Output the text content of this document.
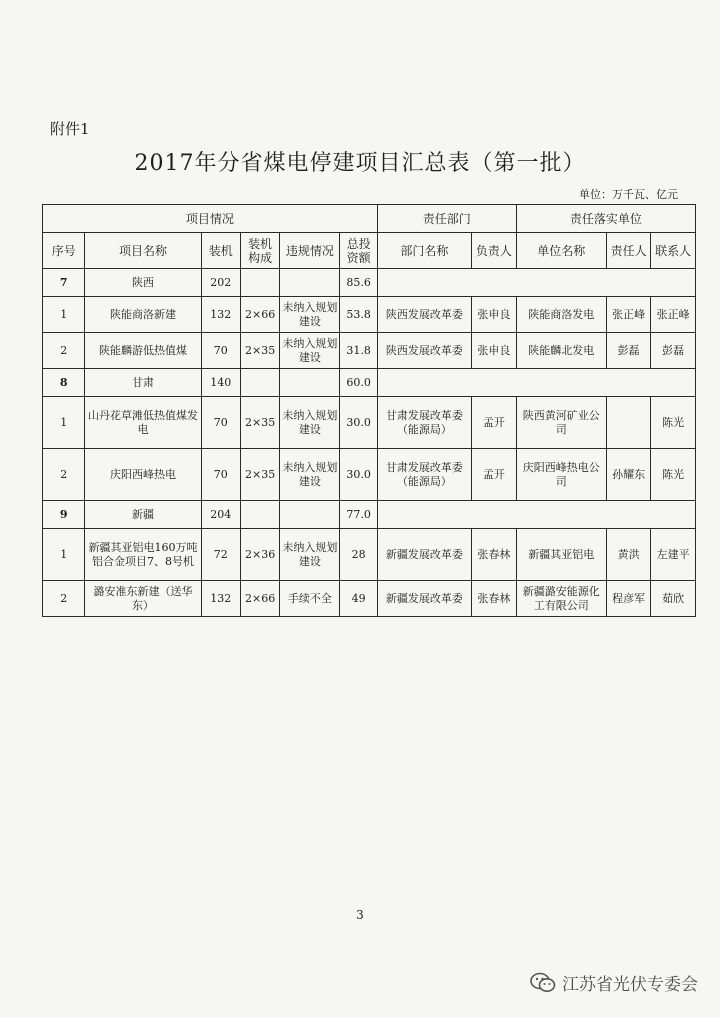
附件1
2017年分省煤电停建项目汇总表（第一批）
单位：万千瓦、亿元
项目情况						责任部门		责任落实单位		
序号	项目名称	装机	装机构成	违规情况	总投资额	部门名称	负责人	单位名称	责任人	联系人
7	陕西	202			85.6					
1	陕能商洛新建	132	2×66	未纳入规划建设	53.8	陕西发展改革委	张申良	陕能商洛发电	张正峰	张正峰
2	陕能麟游低热值煤	70	2×35	未纳入规划建设	31.8	陕西发展改革委	张申良	陕能麟北发电	彭磊	彭磊
8	甘肃	140			60.0					
1	山丹花草滩低热值煤发电	70	2×35	未纳入规划建设	30.0	甘肃发展改革委（能源局）	孟开	陕西黄河矿业公司		陈光
2	庆阳西峰热电	70	2×35	未纳入规划建设	30.0	甘肃发展改革委（能源局）	孟开	庆阳西峰热电公司	孙耀东	陈光
9	新疆	204			77.0					
1	新疆其亚铝电160万吨铝合金项目7、8号机	72	2×36	未纳入规划建设	28	新疆发展改革委	张春林	新疆其亚铝电	黄洪	左建平
2	潞安准东新建（送华东）	132	2×66	手续不全	49	新疆发展改革委	张春林	新疆潞安能源化工有限公司	程彦军	茹欣
3
江苏省光伏专委会
